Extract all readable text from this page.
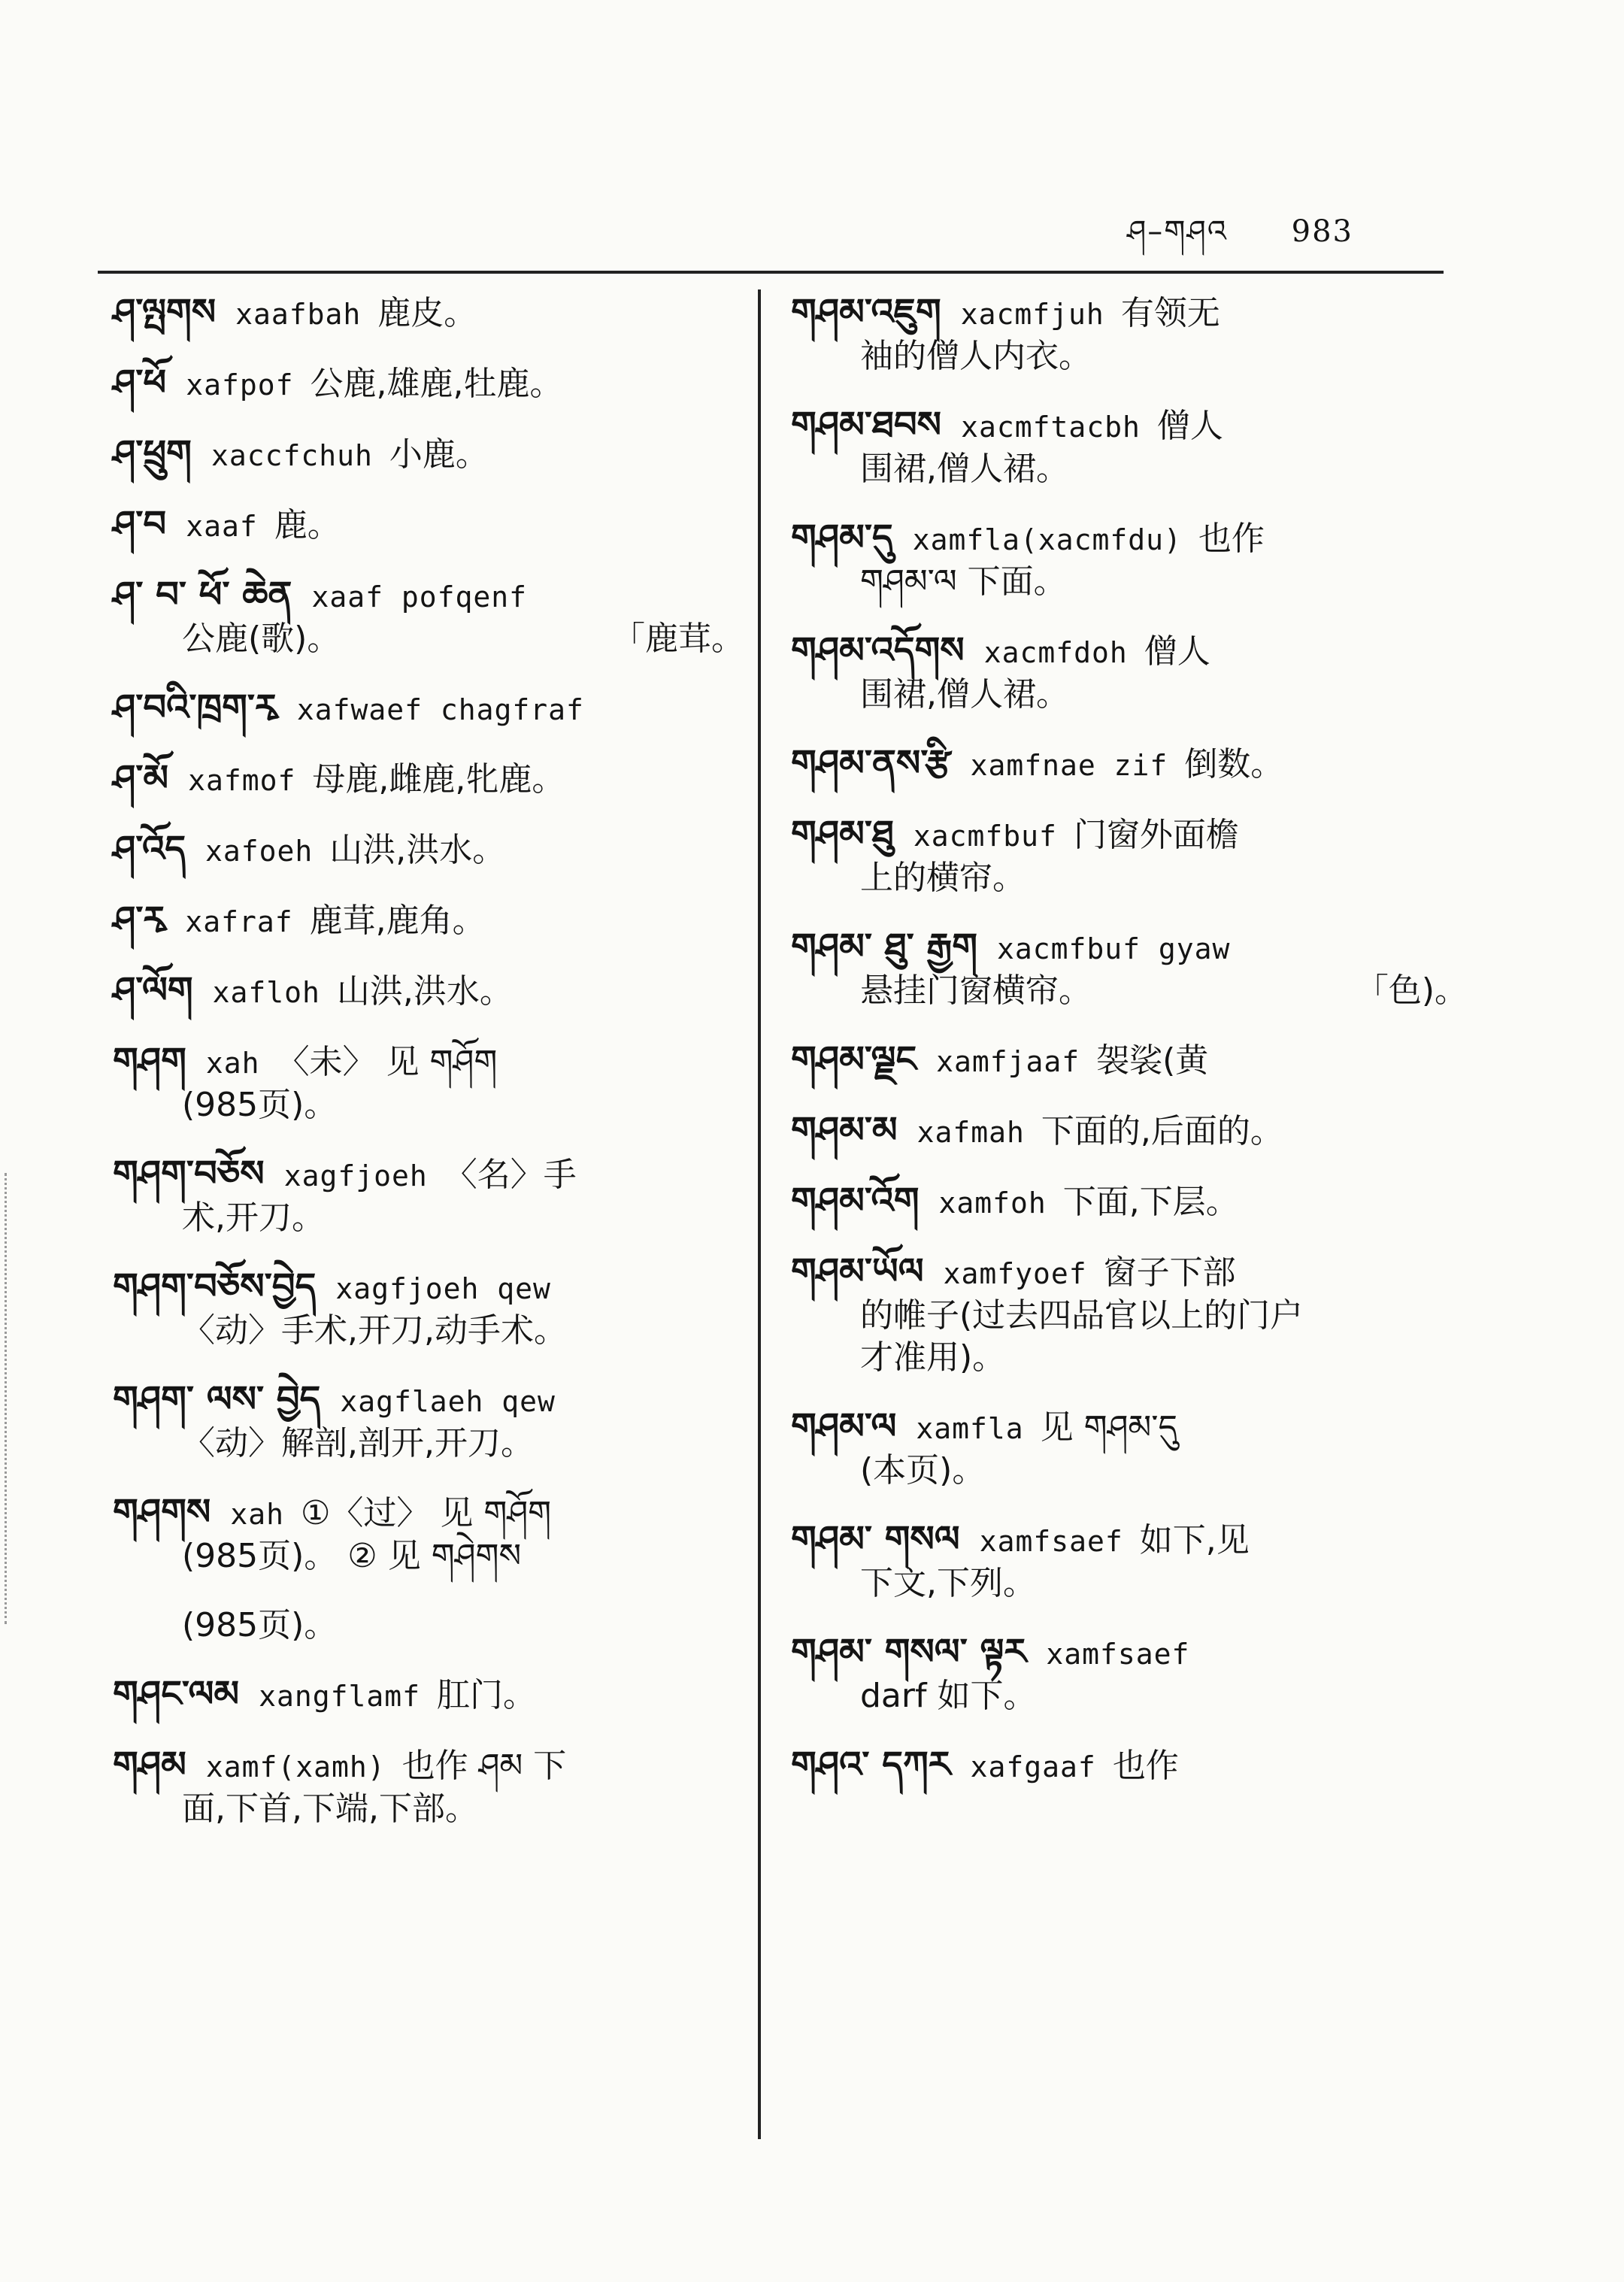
ཤ–གཤའ 983
ཤ་ལྤགས xaafbah 鹿皮。
ཤ་ཕོ xafpof 公鹿,雄鹿,牡鹿。
ཤ་ཕྲུག xaccfchuh 小鹿。
ཤ་བ xaaf 鹿。
ཤ་ བ་ ཕོ་ ཆེན xaaf pofqenf
公鹿(歌)。	「鹿茸。
ཤ་བའི་ཁྲག་རྭ xafwaef chagfraf
ཤ་མོ xafmof 母鹿,雌鹿,牝鹿。
ཤ་འོད xafoeh 山洪,洪水。
ཤ་རྭ xafraf 鹿茸,鹿角。
ཤ་ལོག xafloh 山洪,洪水。
གཤག xah 〈未〉 见 གཤོག
(985页)。
གཤག་བཅོས xagfjoeh 〈名〉手
术,开刀。
གཤག་བཅོས་བྱེད xagfjoeh qew
〈动〉手术,开刀,动手术。
གཤག་ ལས་ བྱེད xagflaeh qew
〈动〉解剖,剖开,开刀。
གཤགས xah ①〈过〉 见 གཤོག
(985页)。 ② 见 གཤེགས
(985页)。
གཤང་ལམ xangflamf 肛门。
གཤམ xamf(xamh) 也作 ཤམ 下
面,下首,下端,下部。
གཤམ་འཇུག xacmfjuh 有领无
袖的僧人内衣。
གཤམ་ཐབས xacmftacbh 僧人
围裙,僧人裙。
གཤམ་དུ xamfla(xacmfdu) 也作
གཤམ་ལ 下面。
གཤམ་འདོགས xacmfdoh 僧人
围裙,僧人裙。
གཤམ་ནས་རྩི xamfnae zif 倒数。
གཤམ་ཐུ xacmfbuf 门窗外面檐
上的横帘。
གཤམ་ ཐུ་ རྒྱག xacmfbuf gyaw
悬挂门窗横帘。	「色)。
གཤམ་ལྗང xamfjaaf 袈裟(黄
གཤམ་མ xafmah 下面的,后面的。
གཤམ་འོག xamfoh 下面,下层。
གཤམ་ཡོལ xamfyoef 窗子下部
的帷子(过去四品官以上的门户
才准用)。
གཤམ་ལ xamfla 见 གཤམ་དུ
(本页)。
གཤམ་ གསལ xamfsaef 如下,见
下文,下列。
གཤམ་ གསལ་ ལྟར xamfsaef
darf 如下。
གཤའ་ དཀར xafgaaf 也作
